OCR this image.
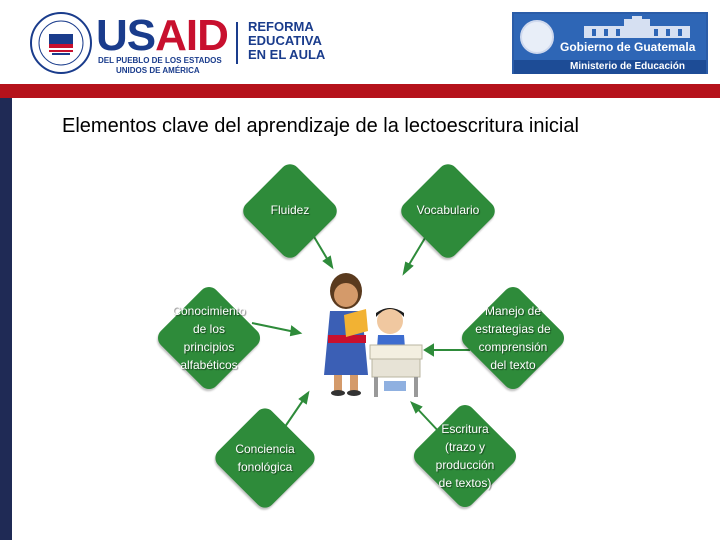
USAID
DEL PUEBLO DE LOS ESTADOS
UNIDOS DE AMÉRICA
REFORMA
EDUCATIVA
EN EL AULA	Gobierno de Guatemala
Ministerio de Educación
Elementos clave del aprendizaje de la lectoescritura inicial
Fluidez	Vocabulario
Conocimiento
de los
principios
alfabéticos
Manejo de
estrategias de
comprensión
del texto
Conciencia
fonológica
Escritura
(trazo y
producción
de textos)
